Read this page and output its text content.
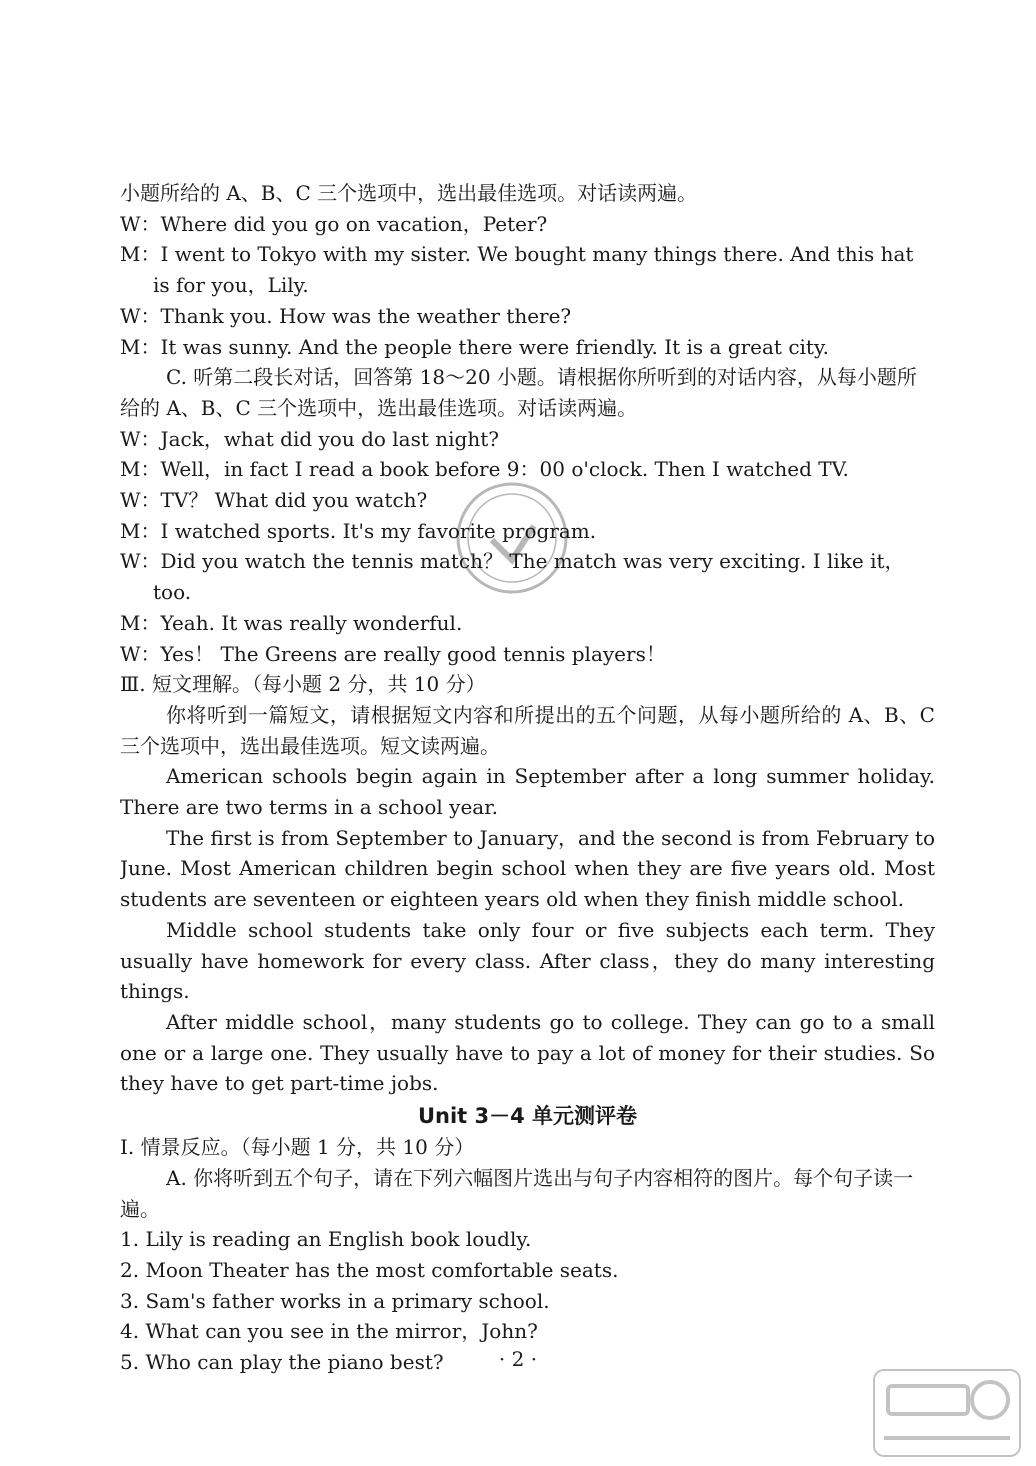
小题所给的 A、B、C 三个选项中，选出最佳选项。对话读两遍。

W：Where did you go on vacation，Peter?

M：I went to Tokyo with my sister. We bought many things there. And this hat is for you，Lily.

W：Thank you. How was the weather there?

M：It was sunny. And the people there were friendly. It is a great city.

C. 听第二段长对话，回答第 18～20 小题。请根据你所听到的对话内容，从每小题所给的 A、B、C 三个选项中，选出最佳选项。对话读两遍。

W：Jack，what did you do last night?

M：Well，in fact I read a book before 9：00 o'clock. Then I watched TV.

W：TV？ What did you watch?

M：I watched sports. It's my favorite program.

W：Did you watch the tennis match？ The match was very exciting. I like it，too.

M：Yeah. It was really wonderful.

W：Yes！ The Greens are really good tennis players！

Ⅲ. 短文理解。（每小题 2 分，共 10 分）

你将听到一篇短文，请根据短文内容和所提出的五个问题，从每小题所给的 A、B、C 三个选项中，选出最佳选项。短文读两遍。

American schools begin again in September after a long summer holiday. There are two terms in a school year.

The first is from September to January，and the second is from February to June. Most American children begin school when they are five years old. Most students are seventeen or eighteen years old when they finish middle school.

Middle school students take only four or five subjects each term. They usually have homework for every class. After class，they do many interesting things.

After middle school，many students go to college. They can go to a small one or a large one. They usually have to pay a lot of money for their studies. So they have to get part-time jobs.

Unit 3－4 单元测评卷

Ⅰ. 情景反应。（每小题 1 分，共 10 分）

A. 你将听到五个句子，请在下列六幅图片选出与句子内容相符的图片。每个句子读一遍。

1. Lily is reading an English book loudly.

2. Moon Theater has the most comfortable seats.

3. Sam's father works in a primary school.

4. What can you see in the mirror，John?

5. Who can play the piano best?	· 2 ·
